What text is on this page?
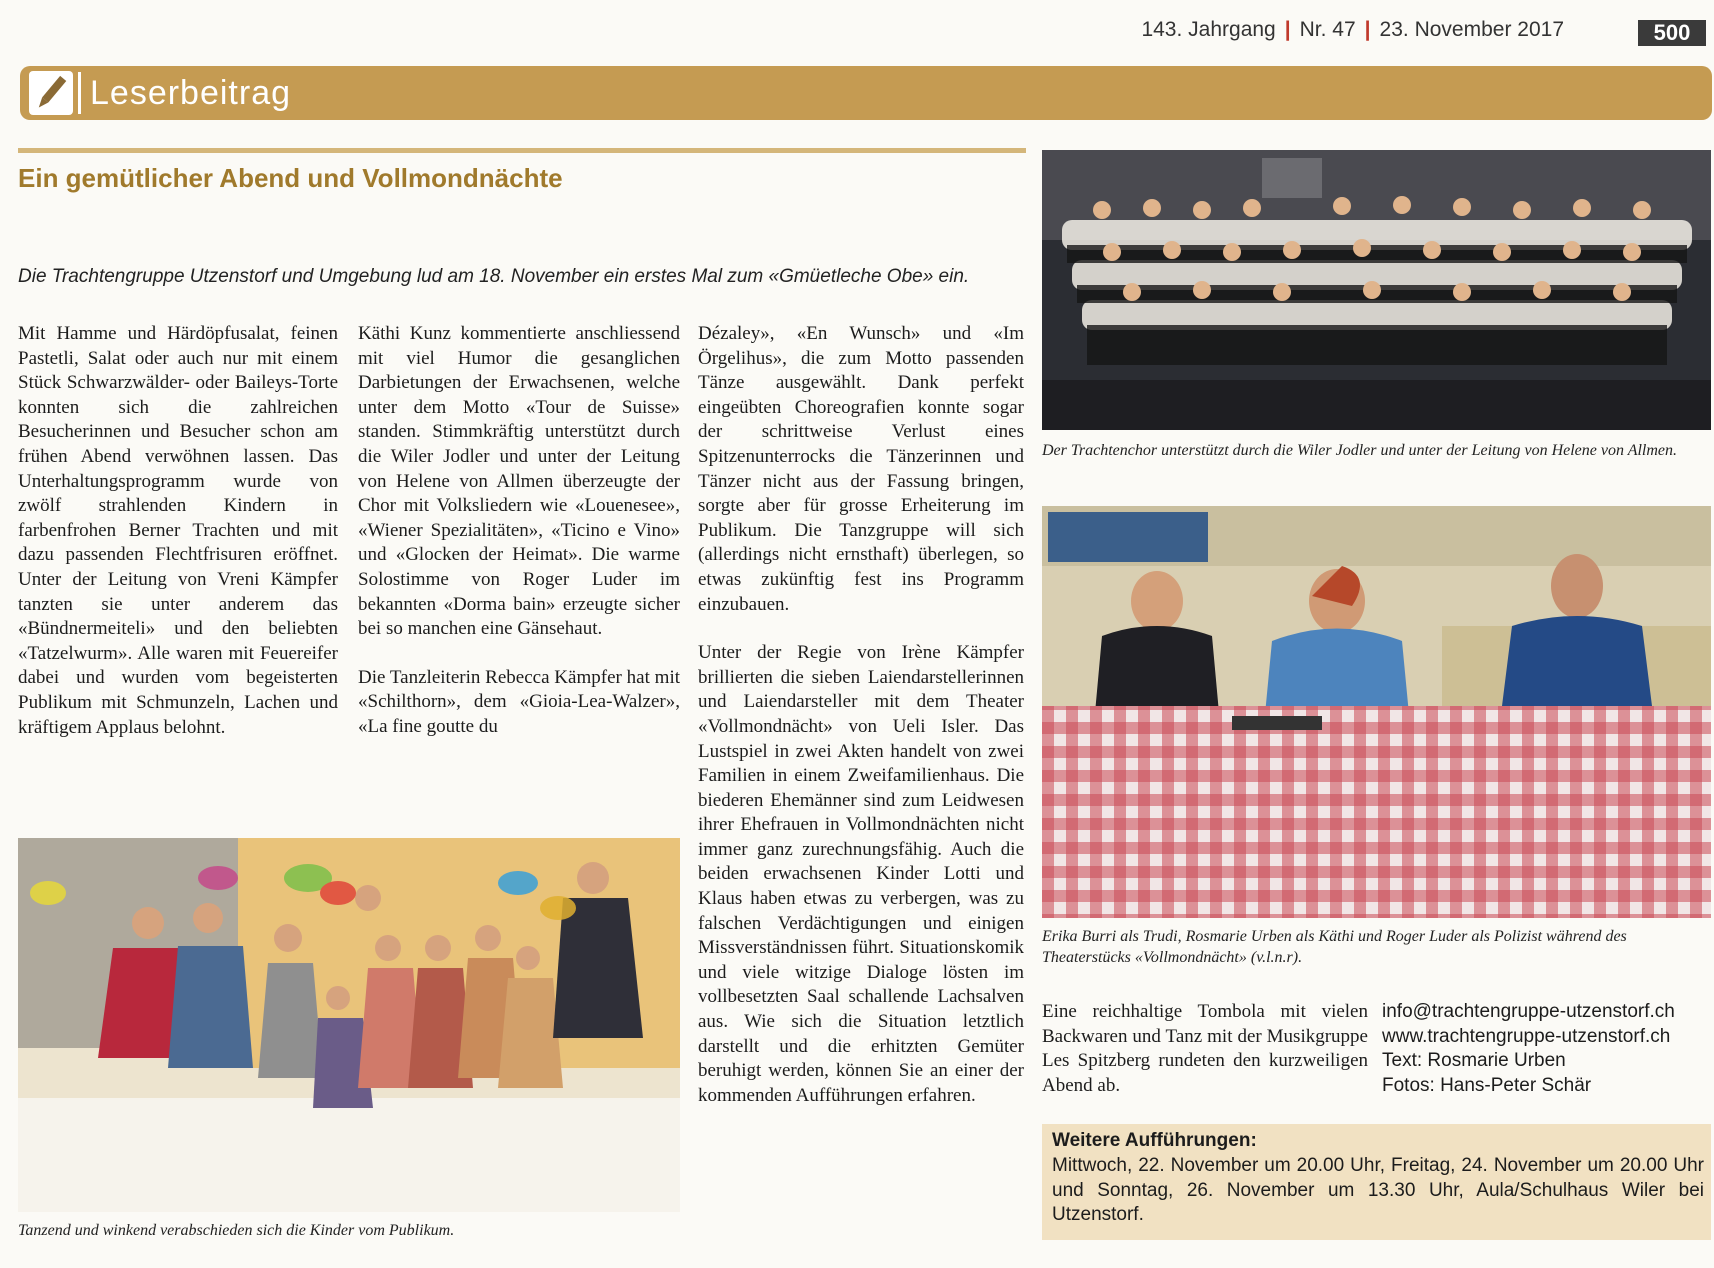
143. Jahrgang | Nr. 47 | 23. November 2017	500
Leserbeitrag
Ein gemütlicher Abend und Vollmondnächte
Die Trachtengruppe Utzenstorf und Umgebung lud am 18. November ein erstes Mal zum «Gmüetleche Obe» ein.

Mit Hamme und Härdöpfusalat, feinen Pastetli, Salat oder auch nur mit einem Stück Schwarzwälder- oder Baileys-Torte konnten sich die zahlreichen Besucherinnen und Besucher schon am frühen Abend verwöhnen lassen. Das Unterhaltungsprogramm wurde von zwölf strahlenden Kindern in farbenfrohen Berner Trachten und mit dazu passenden Flechtfrisuren eröffnet. Unter der Leitung von Vreni Kämpfer tanzten sie unter anderem das «Bündnermeiteli» und den beliebten «Tatzelwurm». Alle waren mit Feuereifer dabei und wurden vom begeisterten Publikum mit Schmunzeln, Lachen und kräftigem Applaus belohnt.

Käthi Kunz kommentierte anschliessend mit viel Humor die gesanglichen Darbietungen der Erwachsenen, welche unter dem Motto «Tour de Suisse» standen. Stimmkräftig unterstützt durch die Wiler Jodler und unter der Leitung von Helene von Allmen überzeugte der Chor mit Volksliedern wie «Louenesee», «Wiener Spezialitäten», «Ticino e Vino» und «Glocken der Heimat». Die warme Solostimme von Roger Luder im bekannten «Dorma bain» erzeugte sicher bei so manchen eine Gänsehaut.

Die Tanzleiterin Rebecca Kämpfer hat mit «Schilthorn», dem «Gioia-Lea-Walzer», «La fine goutte du

Dézaley», «En Wunsch» und «Im Örgelihus», die zum Motto passenden Tänze ausgewählt. Dank perfekt eingeübten Choreografien konnte sogar der schrittweise Verlust eines Spitzenunterrocks die Tänzerinnen und Tänzer nicht aus der Fassung bringen, sorgte aber für grosse Erheiterung im Publikum. Die Tanzgruppe will sich (allerdings nicht ernsthaft) überlegen, so etwas zukünftig fest ins Programm einzubauen.

Unter der Regie von Irène Kämpfer brillierten die sieben Laiendarstellerinnen und Laiendarsteller mit dem Theater «Vollmondnächt» von Ueli Isler. Das Lustspiel in zwei Akten handelt von zwei Familien in einem Zweifamilienhaus. Die biederen Ehemänner sind zum Leidwesen ihrer Ehefrauen in Vollmondnächten nicht immer ganz zurechnungsfähig. Auch die beiden erwachsenen Kinder Lotti und Klaus haben etwas zu verbergen, was zu falschen Verdächtigungen und einigen Missverständnissen führt. Situationskomik und viele witzige Dialoge lösten im vollbesetzten Saal schallende Lachsalven aus. Wie sich die Situation letztlich darstellt und die erhitzten Gemüter beruhigt werden, können Sie an einer der kommenden Aufführungen erfahren.

Der Trachtenchor unterstützt durch die Wiler Jodler und unter der Leitung von Helene von Allmen.
Erika Burri als Trudi, Rosmarie Urben als Käthi und Roger Luder als Polizist während des Theaterstücks «Vollmondnächt» (v.l.n.r).
Tanzend und winkend verabschieden sich die Kinder vom Publikum.
Eine reichhaltige Tombola mit vielen Backwaren und Tanz mit der Musikgruppe Les Spitzberg rundeten den kurzweiligen Abend ab.
info@trachtengruppe-utzenstorf.ch
www.trachtengruppe-utzenstorf.ch
Text: Rosmarie Urben
Fotos: Hans-Peter Schär
Weitere Aufführungen:
Mittwoch, 22. November um 20.00 Uhr, Freitag, 24. November um 20.00 Uhr und Sonntag, 26. November um 13.30 Uhr, Aula/Schulhaus Wiler bei Utzenstorf.
